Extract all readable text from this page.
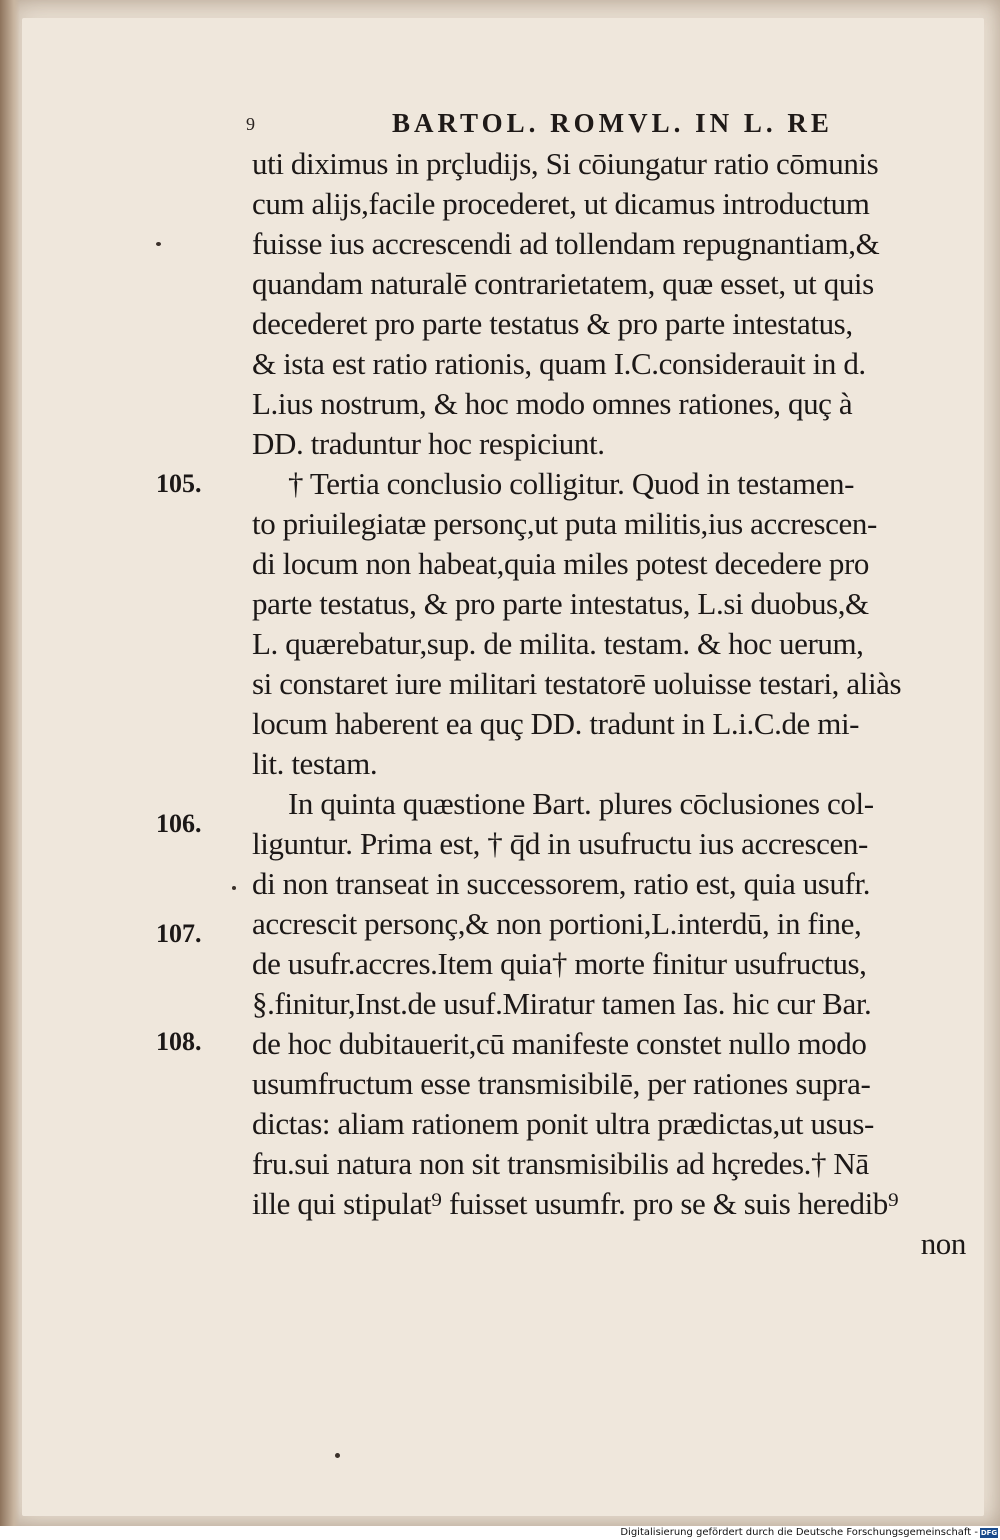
9	BARTOL. ROMVL. IN L. RE
uti diximus in prçludijs, Si cōiungatur ratio cōmunis
cum alijs,facile procederet, ut dicamus introductum
fuisse ius accrescendi ad tollendam repugnantiam,&
quandam naturalē contrarietatem, quæ esset, ut quis
decederet pro parte testatus & pro parte intestatus,
& ista est ratio rationis, quam I.C.considerauit in d.
L.ius nostrum, & hoc modo omnes rationes, quç à
DD. traduntur hoc respiciunt.
† Tertia conclusio colligitur. Quod in testamen-
to priuilegiatæ personç,ut puta militis,ius accrescen-
di locum non habeat,quia miles potest decedere pro
parte testatus, & pro parte intestatus, L.si duobus,&
L. quærebatur,sup. de milita. testam. & hoc uerum,
si constaret iure militari testatorē uoluisse testari, aliàs
locum haberent ea quç DD. tradunt in L.i.C.de mi-
lit. testam.
In quinta quæstione Bart. plures cōclusiones col-
liguntur. Prima est, † q̄d in usufructu ius accrescen-
di non transeat in successorem, ratio est, quia usufr.
accrescit personç,& non portioni,L.interdū, in fine,
de usufr.accres.Item quia† morte finitur usufructus,
§.finitur,Inst.de usuf.Miratur tamen Ias. hic cur Bar.
de hoc dubitauerit,cū manifeste constet nullo modo
usumfructum esse transmisibilē, per rationes supra-
dictas: aliam rationem ponit ultra prædictas,ut usus-
fru.sui natura non sit transmisibilis ad hçredes.† Nā
ille qui stipulat⁹ fuisset usumfr. pro se & suis heredib⁹
non
105.
106.
107.
108.
Digitalisierung gefördert durch die Deutsche Forschungsgemeinschaft - DFG
